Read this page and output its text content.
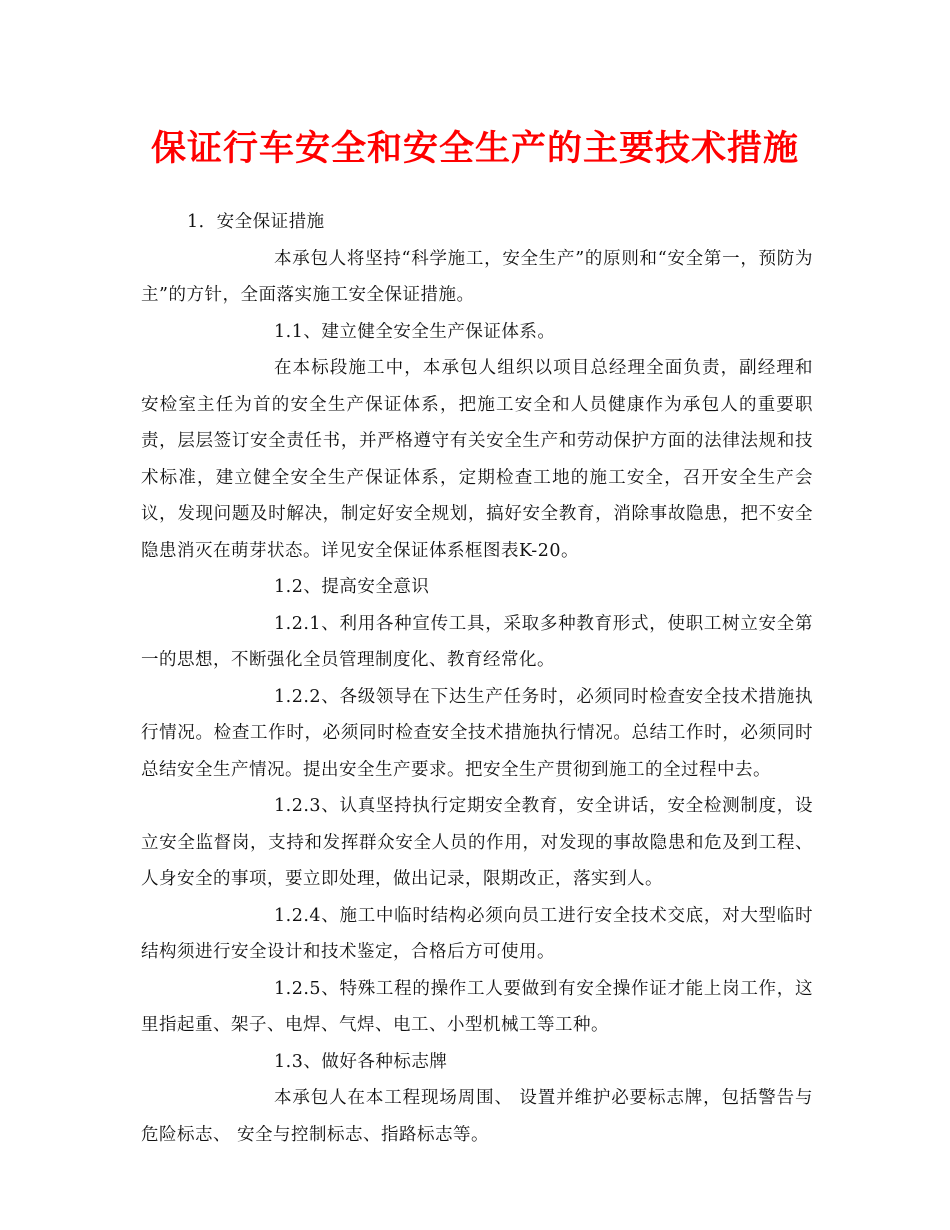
保证行车安全和安全生产的主要技术措施

1．安全保证措施

本承包人将坚持“科学施工，安全生产”的原则和“安全第一，预防为主”的方针，全面落实施工安全保证措施。

1.1、建立健全安全生产保证体系。

在本标段施工中，本承包人组织以项目总经理全面负责，副经理和安检室主任为首的安全生产保证体系，把施工安全和人员健康作为承包人的重要职责，层层签订安全责任书，并严格遵守有关安全生产和劳动保护方面的法律法规和技术标准，建立健全安全生产保证体系，定期检查工地的施工安全，召开安全生产会议，发现问题及时解决，制定好安全规划，搞好安全教育，消除事故隐患，把不安全隐患消灭在萌芽状态。详见安全保证体系框图表K-20。

1.2、提高安全意识

1.2.1、利用各种宣传工具，采取多种教育形式，使职工树立安全第一的思想，不断强化全员管理制度化、教育经常化。

1.2.2、各级领导在下达生产任务时，必须同时检查安全技术措施执行情况。检查工作时，必须同时检查安全技术措施执行情况。总结工作时，必须同时总结安全生产情况。提出安全生产要求。把安全生产贯彻到施工的全过程中去。

1.2.3、认真坚持执行定期安全教育，安全讲话，安全检测制度，设立安全监督岗，支持和发挥群众安全人员的作用，对发现的事故隐患和危及到工程、人身安全的事项，要立即处理，做出记录，限期改正，落实到人。

1.2.4、施工中临时结构必须向员工进行安全技术交底，对大型临时结构须进行安全设计和技术鉴定，合格后方可使用。

1.2.5、特殊工程的操作工人要做到有安全操作证才能上岗工作，这里指起重、架子、电焊、气焊、电工、小型机械工等工种。

1.3、做好各种标志牌

本承包人在本工程现场周围、 设置并维护必要标志牌，包括警告与危险标志、 安全与控制标志、指路标志等。
